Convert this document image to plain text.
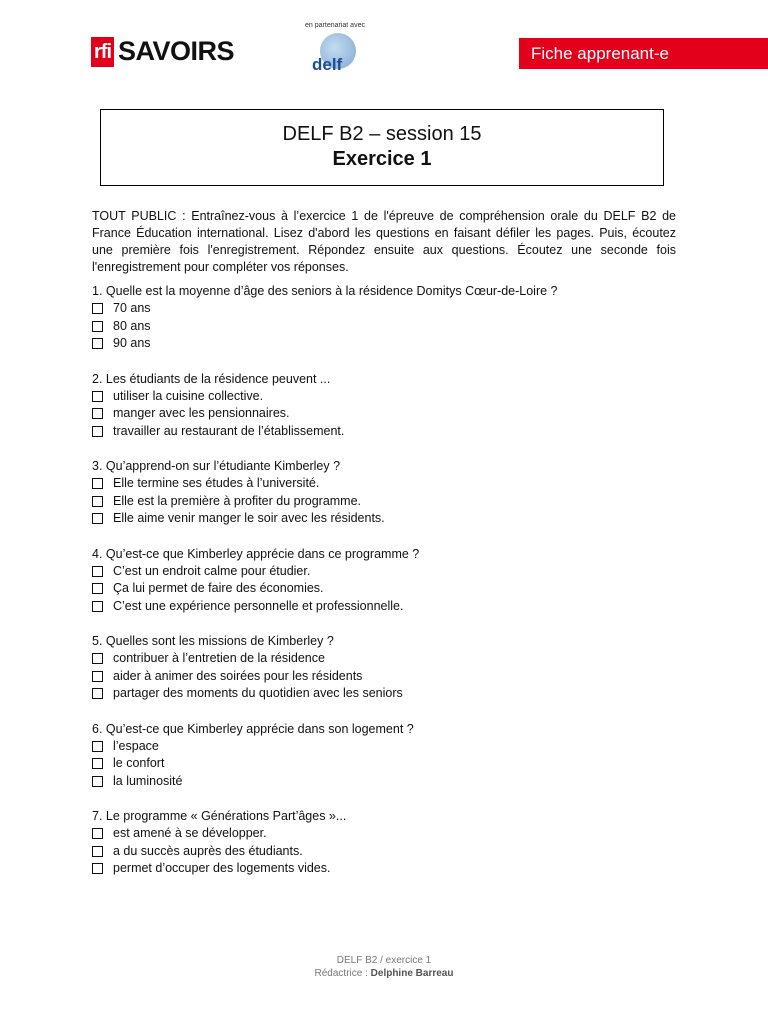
rfi SAVOIRS
en partenariat avec
delf
Fiche apprenant-e
DELF B2 – session 15
Exercice 1
TOUT PUBLIC : Entraînez-vous à l’exercice 1 de l'épreuve de compréhension orale du DELF B2 de France Éducation international. Lisez d'abord les questions en faisant défiler les pages. Puis, écoutez une première fois l'enregistrement. Répondez ensuite aux questions. Écoutez une seconde fois l'enregistrement pour compléter vos réponses.
1. Quelle est la moyenne d’âge des seniors à la résidence Domitys Cœur-de-Loire ?
70 ans
80 ans
90 ans
2. Les étudiants de la résidence peuvent ...
utiliser la cuisine collective.
manger avec les pensionnaires.
travailler au restaurant de l’établissement.
3. Qu’apprend-on sur l’étudiante Kimberley ?
Elle termine ses études à l’université.
Elle est la première à profiter du programme.
Elle aime venir manger le soir avec les résidents.
4. Qu’est-ce que Kimberley apprécie dans ce programme ?
C’est un endroit calme pour étudier.
Ça lui permet de faire des économies.
C’est une expérience personnelle et professionnelle.
5. Quelles sont les missions de Kimberley ?
contribuer à l’entretien de la résidence
aider à animer des soirées pour les résidents
partager des moments du quotidien avec les seniors
6. Qu’est-ce que Kimberley apprécie dans son logement ?
l’espace
le confort
la luminosité
7. Le programme « Générations Part’âges »...
est amené à se développer.
a du succès auprès des étudiants.
permet d’occuper des logements vides.
DELF B2 / exercice 1
Rédactrice : Delphine Barreau
